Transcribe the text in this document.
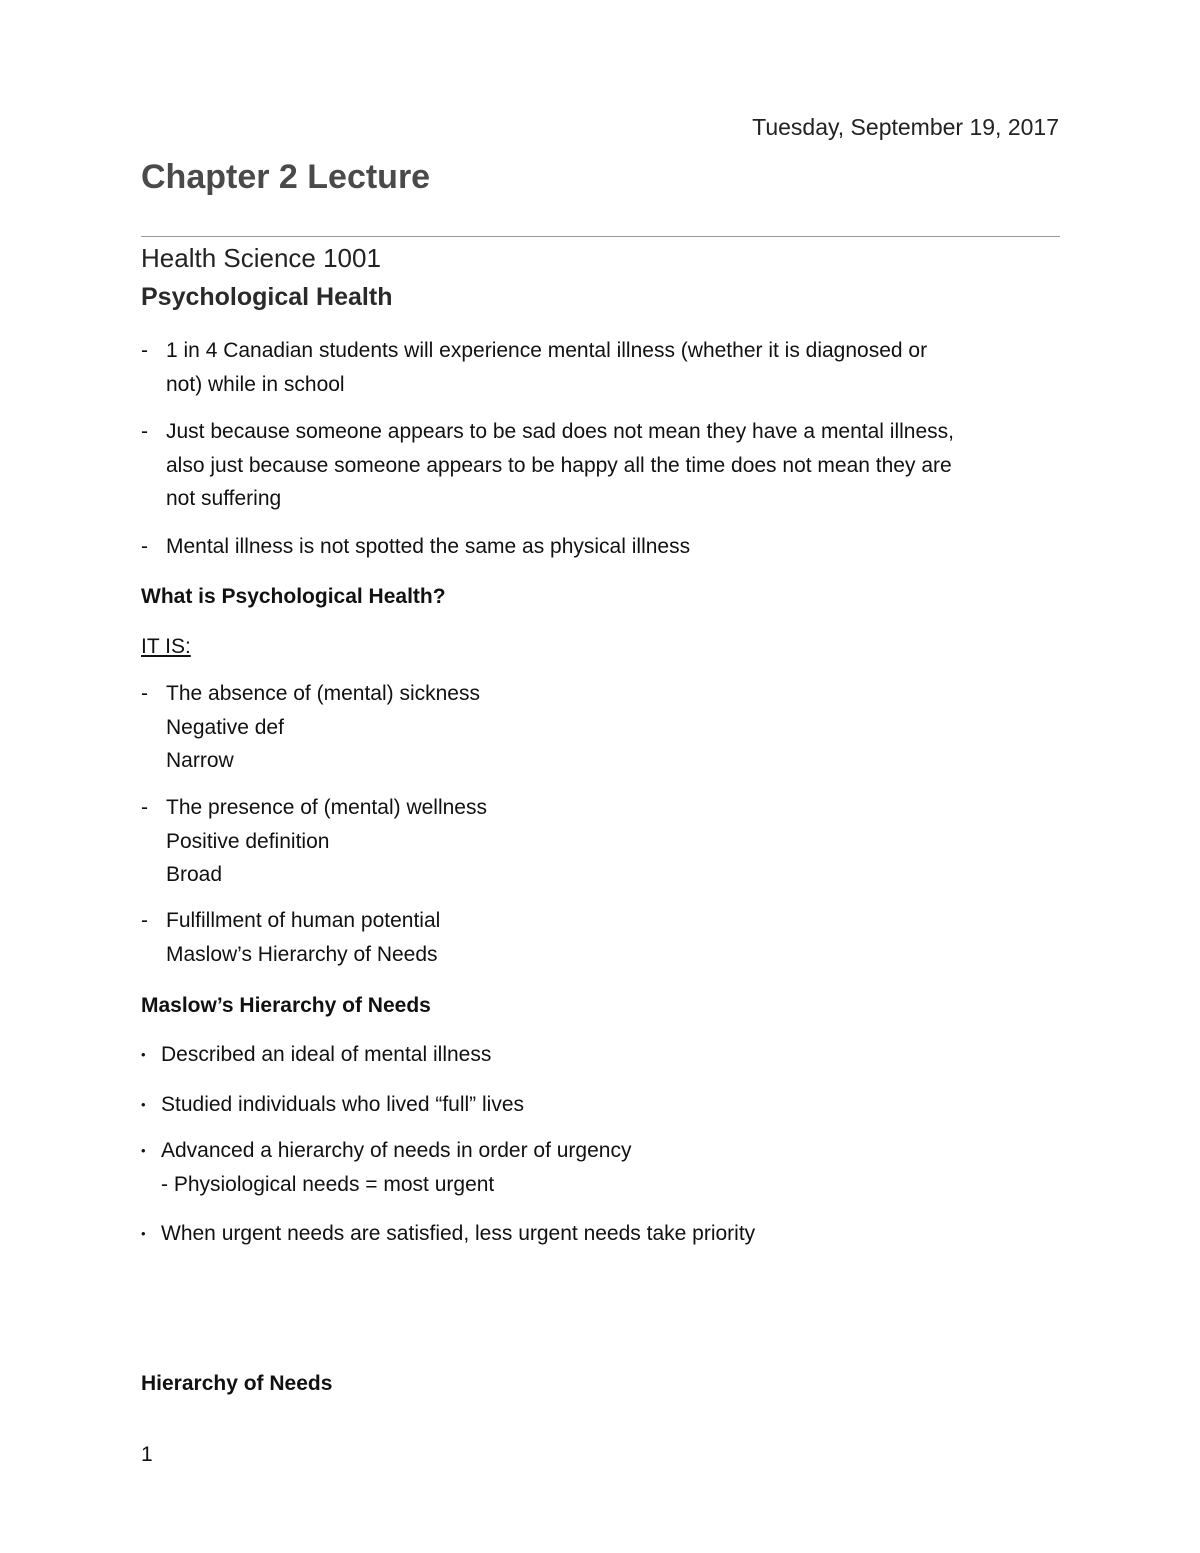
Tuesday, September 19, 2017
Chapter 2 Lecture
Health Science 1001
Psychological Health
- 1 in 4 Canadian students will experience mental illness (whether it is diagnosed or
not) while in school
- Just because someone appears to be sad does not mean they have a mental illness,
also just because someone appears to be happy all the time does not mean they are
not suffering
- Mental illness is not spotted the same as physical illness
What is Psychological Health?
IT IS:
- The absence of (mental) sickness
Negative def
Narrow
- The presence of (mental) wellness
Positive definition
Broad
- Fulfillment of human potential
Maslow’s Hierarchy of Needs
Maslow’s Hierarchy of Needs
• Described an ideal of mental illness
• Studied individuals who lived “full” lives
• Advanced a hierarchy of needs in order of urgency
- Physiological needs = most urgent
• When urgent needs are satisfied, less urgent needs take priority
Hierarchy of Needs
1
